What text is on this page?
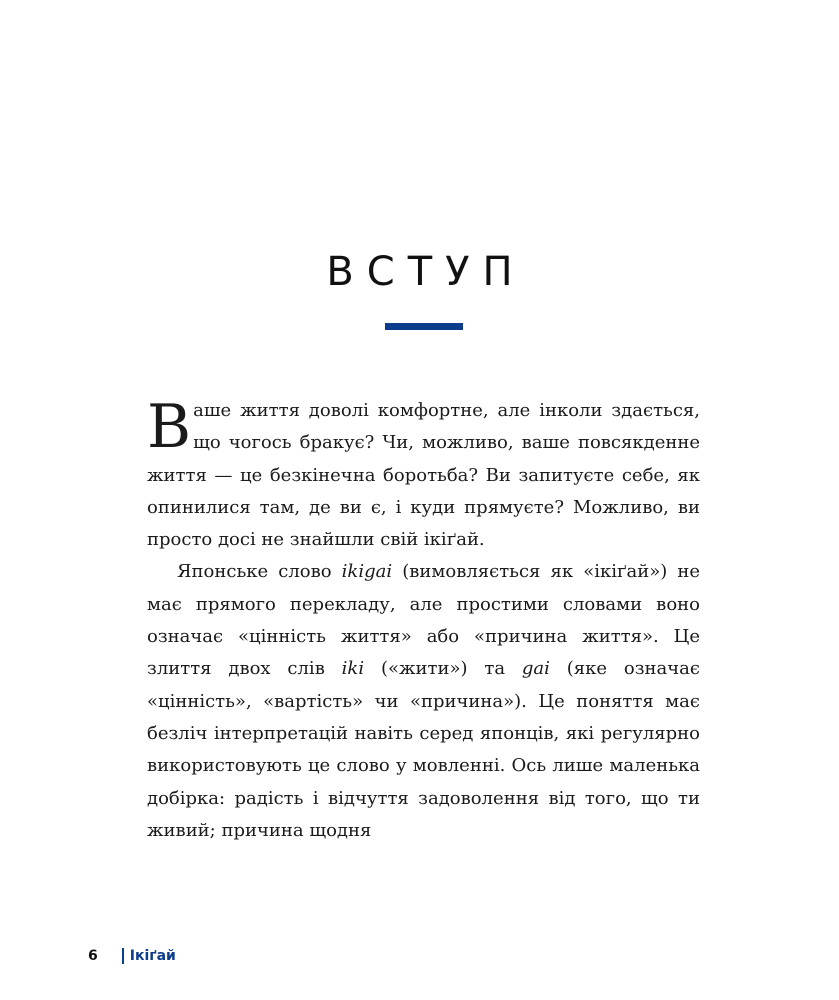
ВСТУП

Ваше життя доволі комфортне, але інколи здається, що чогось бракує? Чи, можливо, ваше повсякденне життя — це безкінечна боротьба? Ви запитуєте себе, як опинилися там, де ви є, і куди прямуєте? Можливо, ви просто досі не знайшли свій ікіґай.

Японське слово ikigai (вимовляється як «ікіґай») не має прямого перекладу, але простими словами воно означає «цінність життя» або «причина життя». Це злиття двох слів iki («жити») та gai (яке означає «цінність», «вартість» чи «причина»). Це поняття має безліч інтерпретацій навіть серед японців, які регулярно використовують це слово у мовленні. Ось лише маленька добірка: радість і відчуття задоволення від того, що ти живий; причина щодня

6 Ікіґай
